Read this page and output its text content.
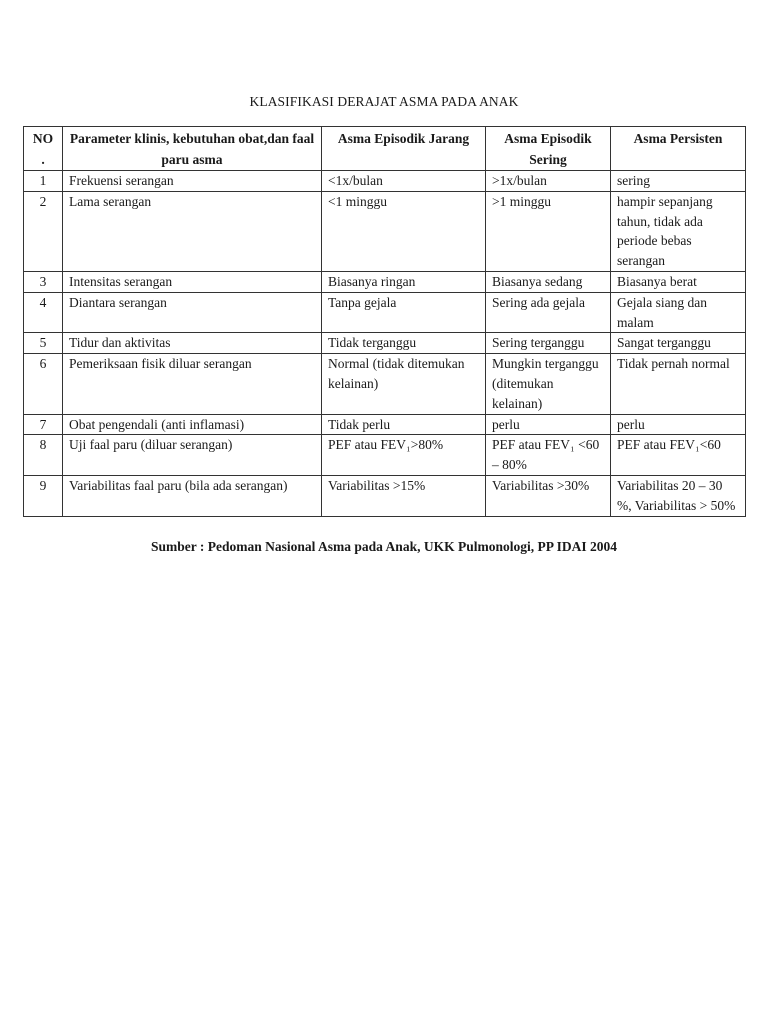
KLASIFIKASI DERAJAT ASMA PADA ANAK
NO .	Parameter klinis, kebutuhan obat,dan faal paru asma	Asma Episodik Jarang	Asma Episodik Sering	Asma Persisten
1	Frekuensi serangan	<1x/bulan	>1x/bulan	sering
2	Lama serangan	<1 minggu	>1 minggu	hampir sepanjang tahun, tidak ada periode bebas serangan
3	Intensitas serangan	Biasanya ringan	Biasanya sedang	Biasanya berat
4	Diantara serangan	Tanpa gejala	Sering ada gejala	Gejala siang dan malam
5	Tidur dan aktivitas	Tidak terganggu	Sering terganggu	Sangat terganggu
6	Pemeriksaan fisik diluar serangan	Normal (tidak ditemukan kelainan)	Mungkin terganggu (ditemukan kelainan)	Tidak pernah normal
7	Obat pengendali (anti inflamasi)	Tidak perlu	perlu	perlu
8	Uji faal paru (diluar serangan)	PEF atau FEV₁>80%	PEF atau FEV₁ <60 – 80%	PEF atau FEV₁<60
9	Variabilitas faal paru (bila ada serangan)	Variabilitas >15%	Variabilitas >30%	Variabilitas 20 – 30 %, Variabilitas > 50%
Sumber : Pedoman Nasional Asma pada Anak, UKK Pulmonologi, PP IDAI 2004
